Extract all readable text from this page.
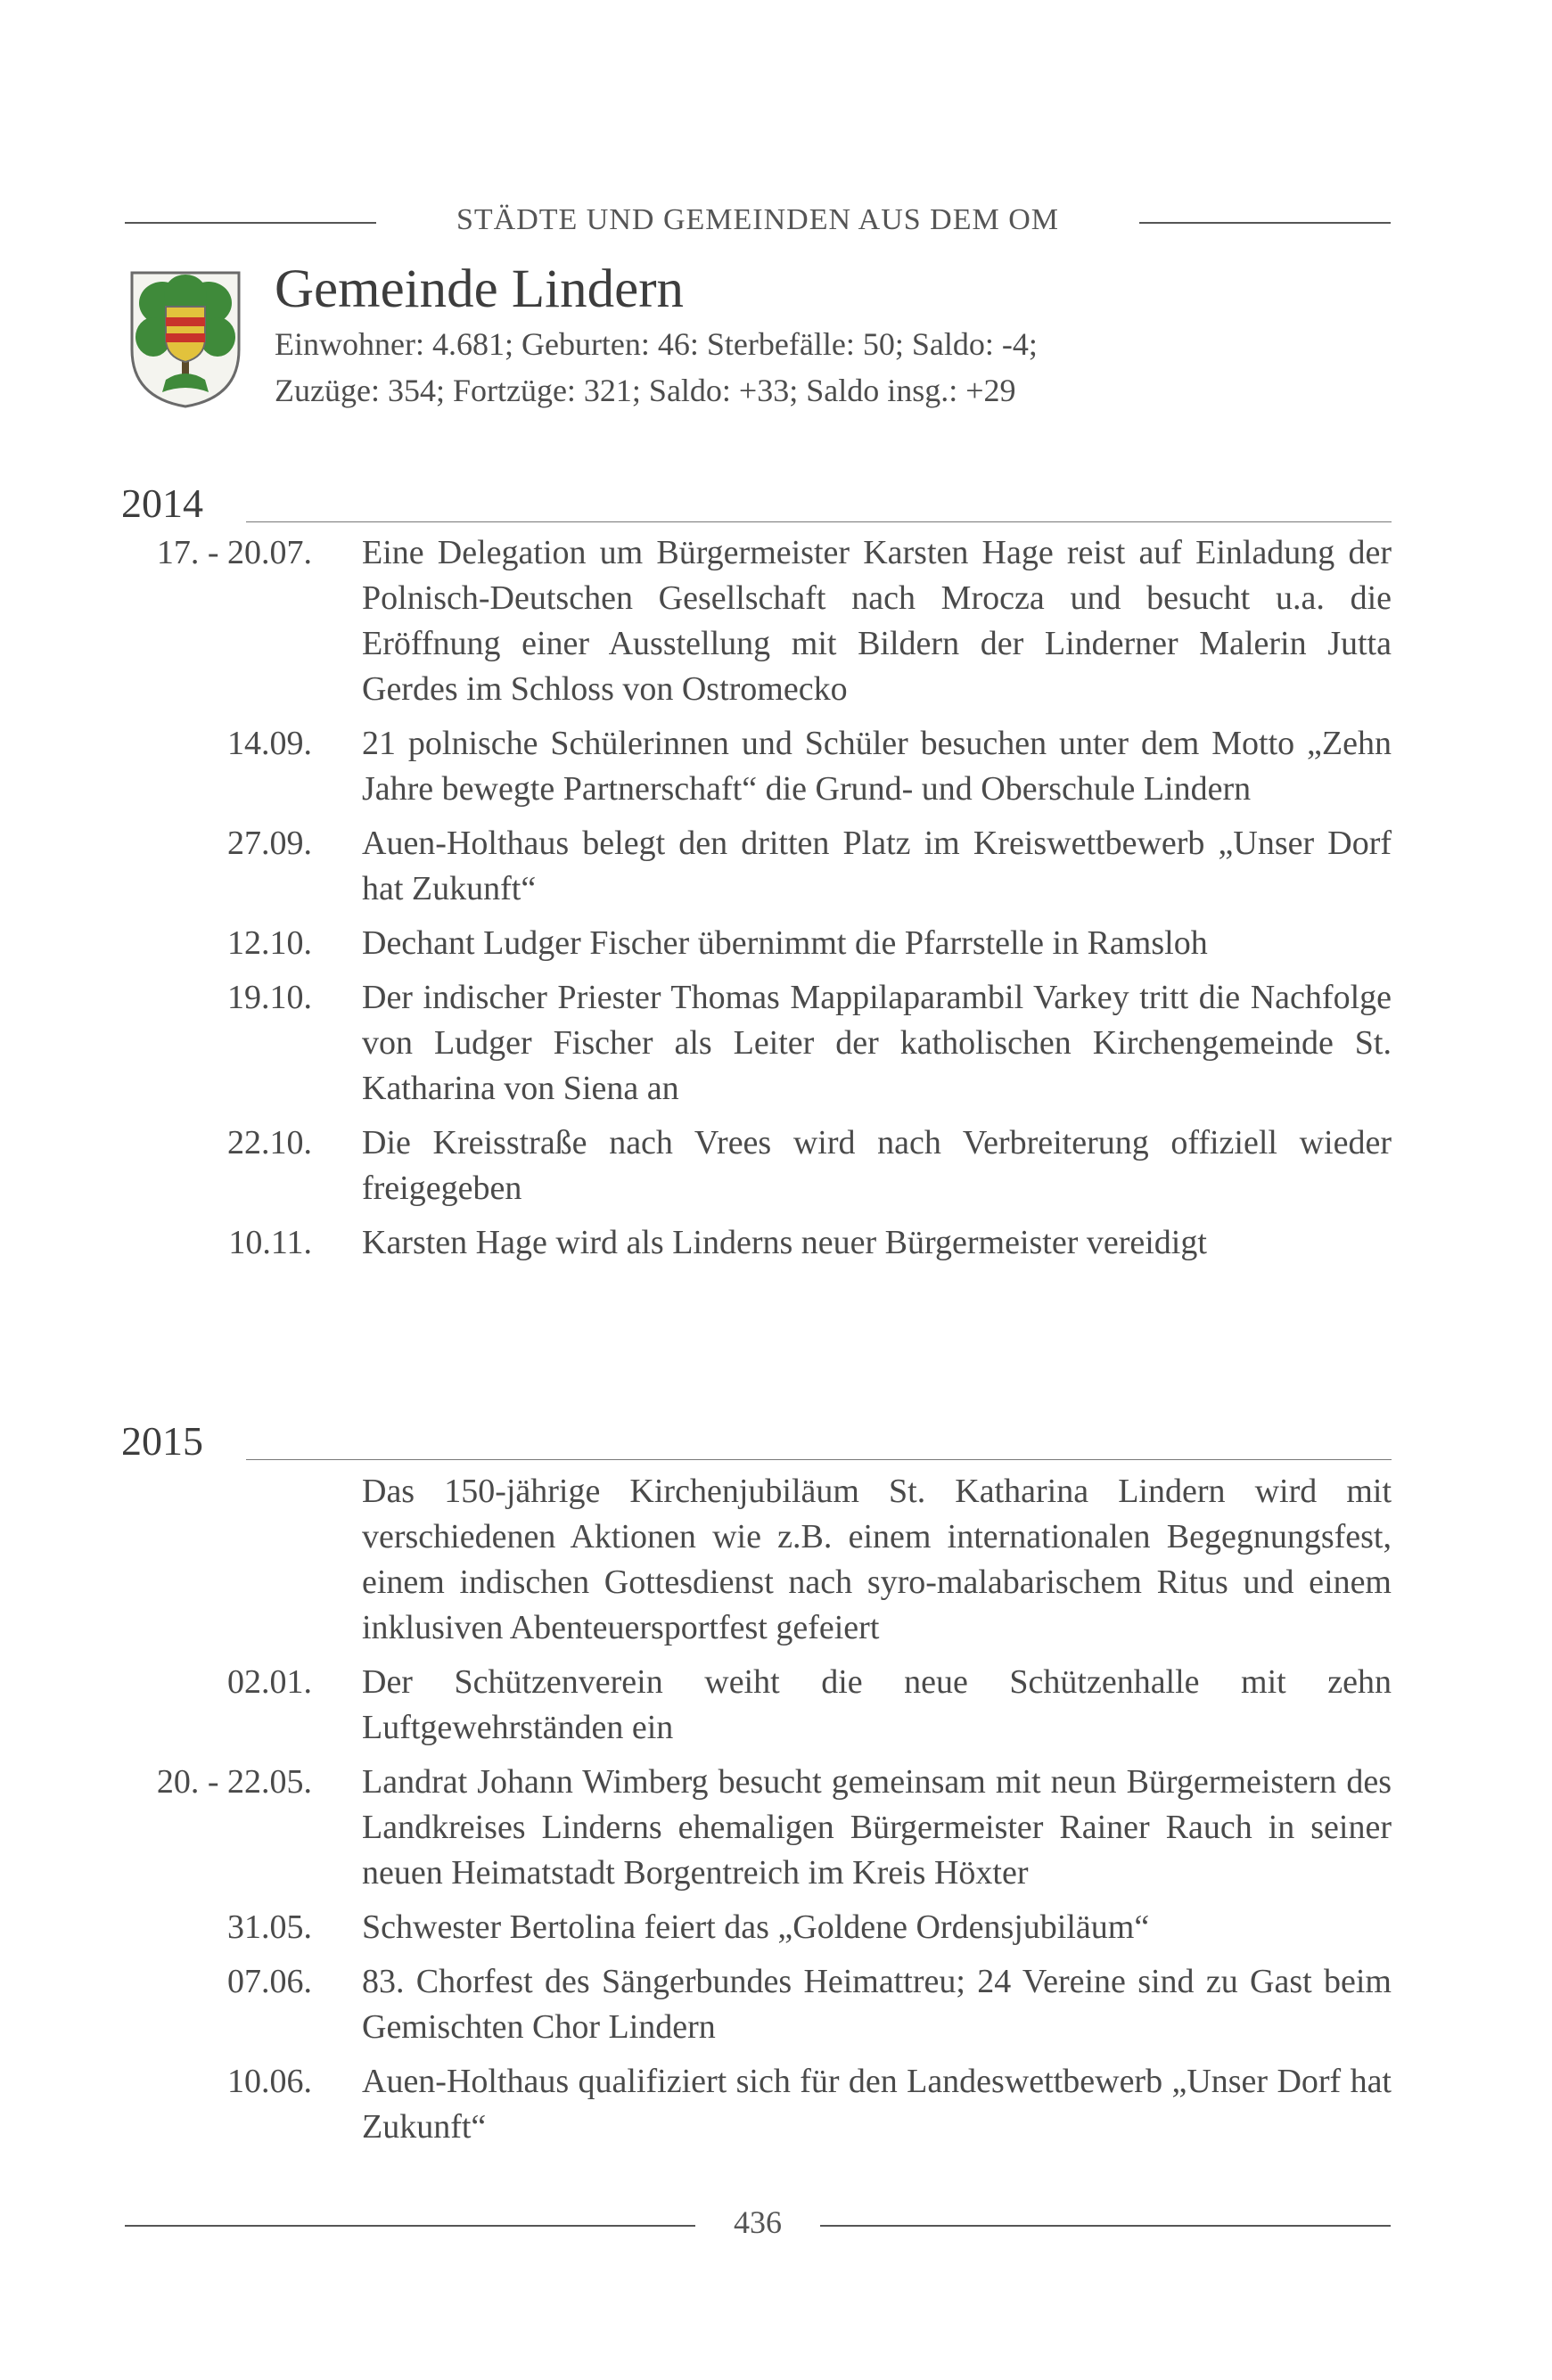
STÄDTE UND GEMEINDEN AUS DEM OM
Gemeinde Lindern
Einwohner: 4.681; Geburten: 46: Sterbefälle: 50; Saldo: -4;
Zuzüge: 354; Fortzüge: 321; Saldo: +33; Saldo insg.: +29
2014
17. - 20.07. Eine Delegation um Bürgermeister Karsten Hage reist auf Einladung der Polnisch-Deutschen Gesellschaft nach Mrocza und besucht u.a. die Eröffnung einer Ausstellung mit Bildern der Linderner Malerin Jutta Gerdes im Schloss von Ostromecko
14.09. 21 polnische Schülerinnen und Schüler besuchen unter dem Motto „Zehn Jahre bewegte Partnerschaft“ die Grund- und Oberschule Lindern
27.09. Auen-Holthaus belegt den dritten Platz im Kreiswettbewerb „Unser Dorf hat Zukunft“
12.10. Dechant Ludger Fischer übernimmt die Pfarrstelle in Ramsloh
19.10. Der indischer Priester Thomas Mappilaparambil Varkey tritt die Nachfolge von Ludger Fischer als Leiter der katholischen Kirchengemeinde St. Katharina von Siena an
22.10. Die Kreisstraße nach Vrees wird nach Verbreiterung offiziell wieder freigegeben
10.11. Karsten Hage wird als Linderns neuer Bürgermeister vereidigt
2015
Das 150-jährige Kirchenjubiläum St. Katharina Lindern wird mit verschiedenen Aktionen wie z.B. einem internationalen Begegnungsfest, einem indischen Gottesdienst nach syro-malabarischem Ritus und einem inklusiven Abenteuersportfest gefeiert
02.01. Der Schützenverein weiht die neue Schützenhalle mit zehn Luftgewehrständen ein
20. - 22.05. Landrat Johann Wimberg besucht gemeinsam mit neun Bürgermeistern des Landkreises Linderns ehemaligen Bürgermeister Rainer Rauch in seiner neuen Heimatstadt Borgentreich im Kreis Höxter
31.05. Schwester Bertolina feiert das „Goldene Ordensjubiläum“
07.06. 83. Chorfest des Sängerbundes Heimattreu; 24 Vereine sind zu Gast beim Gemischten Chor Lindern
10.06. Auen-Holthaus qualifiziert sich für den Landeswettbewerb „Unser Dorf hat Zukunft“
436
